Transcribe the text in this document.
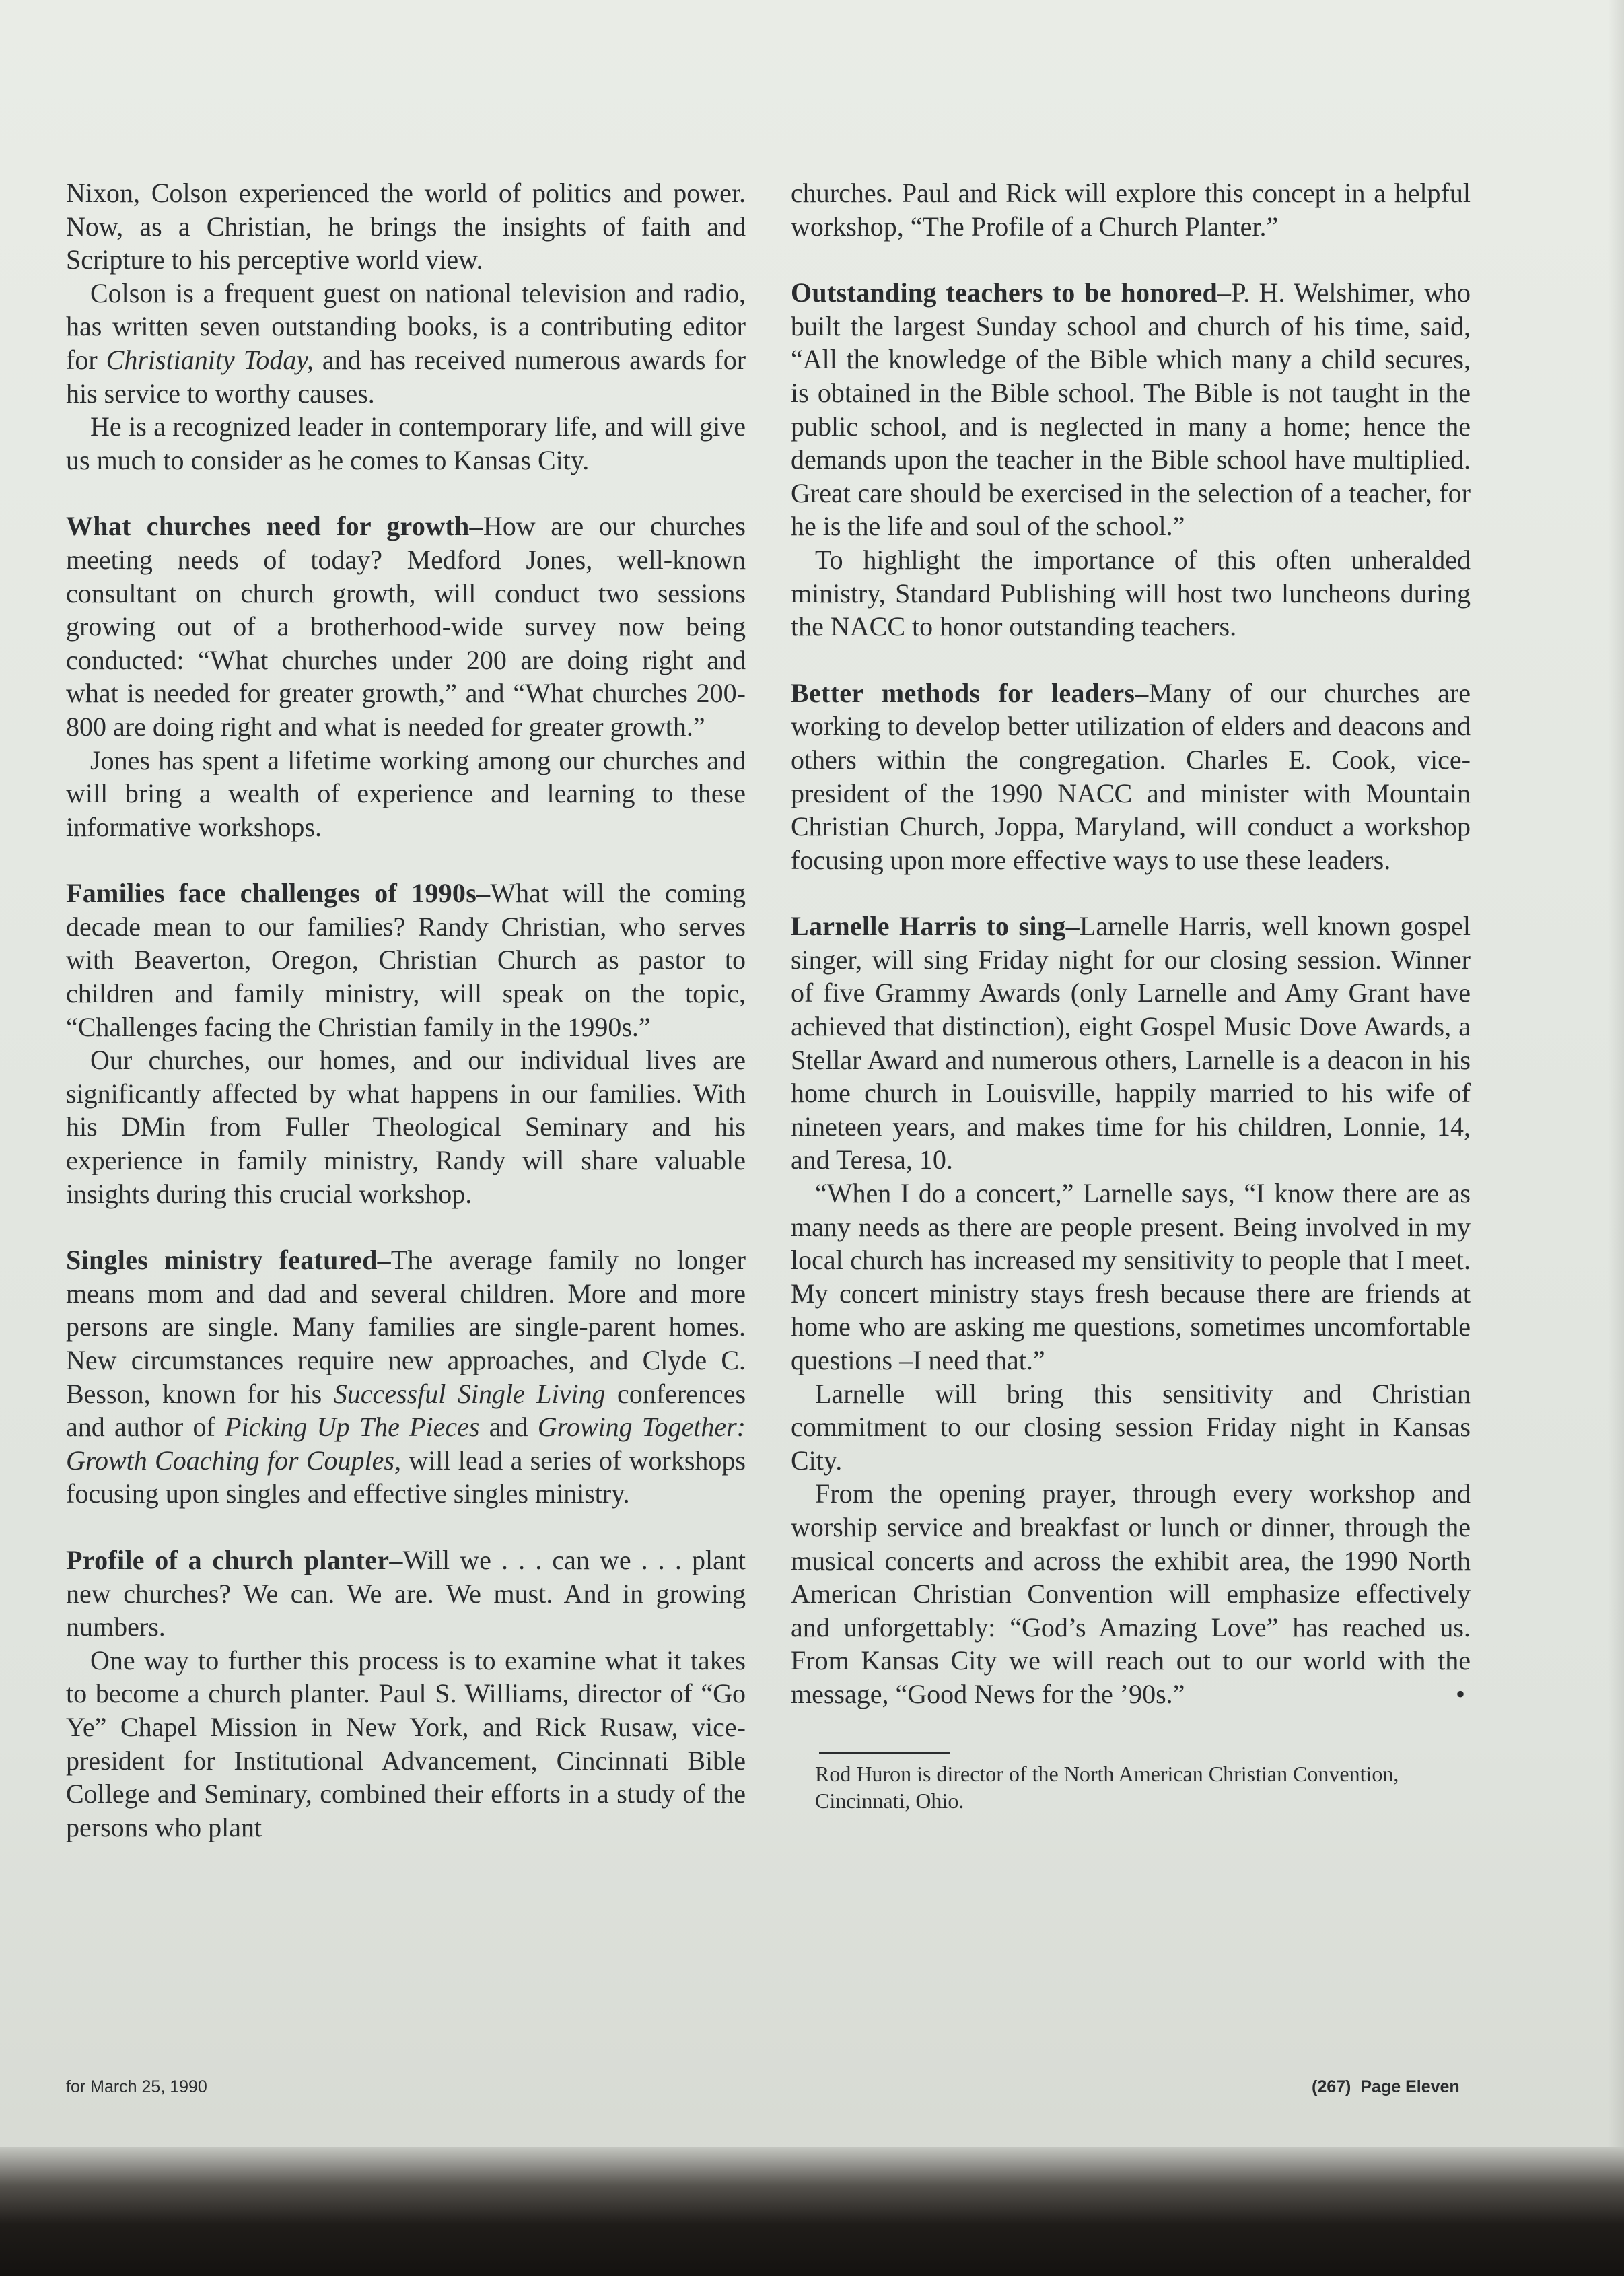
Nixon, Colson experienced the world of politics and power. Now, as a Christian, he brings the insights of faith and Scripture to his perceptive world view.

Colson is a frequent guest on national television and radio, has written seven outstanding books, is a contributing editor for Christianity Today, and has received numerous awards for his service to worthy causes.

He is a recognized leader in contemporary life, and will give us much to consider as he comes to Kansas City.

What churches need for growth–How are our churches meeting needs of today? Medford Jones, well-known consultant on church growth, will conduct two sessions growing out of a brotherhood-wide survey now being conducted: “What churches under 200 are doing right and what is needed for greater growth,” and “What churches 200-800 are doing right and what is needed for greater growth.”

Jones has spent a lifetime working among our churches and will bring a wealth of experience and learning to these informative workshops.

Families face challenges of 1990s–What will the coming decade mean to our families? Randy Christian, who serves with Beaverton, Oregon, Christian Church as pastor to children and family ministry, will speak on the topic, “Challenges facing the Christian family in the 1990s.”

Our churches, our homes, and our individual lives are significantly affected by what happens in our families. With his DMin from Fuller Theological Seminary and his experience in family ministry, Randy will share valuable insights during this crucial workshop.

Singles ministry featured–The average family no longer means mom and dad and several children. More and more persons are single. Many families are single-parent homes. New circumstances require new approaches, and Clyde C. Besson, known for his Successful Single Living conferences and author of Picking Up The Pieces and Growing Together: Growth Coaching for Couples, will lead a series of workshops focusing upon singles and effective singles ministry.

Profile of a church planter–Will we . . . can we . . . plant new churches? We can. We are. We must. And in growing numbers.

One way to further this process is to examine what it takes to become a church planter. Paul S. Williams, director of “Go Ye” Chapel Mission in New York, and Rick Rusaw, vice-president for Institutional Advancement, Cincinnati Bible College and Seminary, combined their efforts in a study of the persons who plant

churches. Paul and Rick will explore this concept in a helpful workshop, “The Profile of a Church Planter.”

Outstanding teachers to be honored–P. H. Welshimer, who built the largest Sunday school and church of his time, said, “All the knowledge of the Bible which many a child secures, is obtained in the Bible school. The Bible is not taught in the public school, and is neglected in many a home; hence the demands upon the teacher in the Bible school have multiplied. Great care should be exercised in the selection of a teacher, for he is the life and soul of the school.”

To highlight the importance of this often unheralded ministry, Standard Publishing will host two luncheons during the NACC to honor outstanding teachers.

Better methods for leaders–Many of our churches are working to develop better utilization of elders and deacons and others within the congregation. Charles E. Cook, vice-president of the 1990 NACC and minister with Mountain Christian Church, Joppa, Maryland, will conduct a workshop focusing upon more effective ways to use these leaders.

Larnelle Harris to sing–Larnelle Harris, well known gospel singer, will sing Friday night for our closing session. Winner of five Grammy Awards (only Larnelle and Amy Grant have achieved that distinction), eight Gospel Music Dove Awards, a Stellar Award and numerous others, Larnelle is a deacon in his home church in Louisville, happily married to his wife of nineteen years, and makes time for his children, Lonnie, 14, and Teresa, 10.

“When I do a concert,” Larnelle says, “I know there are as many needs as there are people present. Being involved in my local church has increased my sensitivity to people that I meet. My concert ministry stays fresh because there are friends at home who are asking me questions, sometimes uncomfortable questions –I need that.”

Larnelle will bring this sensitivity and Christian commitment to our closing session Friday night in Kansas City.

From the opening prayer, through every workshop and worship service and breakfast or lunch or dinner, through the musical concerts and across the exhibit area, the 1990 North American Christian Convention will emphasize effectively and unforgettably: “God’s Amazing Love” has reached us. From Kansas City we will reach out to our world with the message, “Good News for the ’90s.”	•

Rod Huron is director of the North American Christian Convention, Cincinnati, Ohio.

for March 25, 1990	(267) Page Eleven
